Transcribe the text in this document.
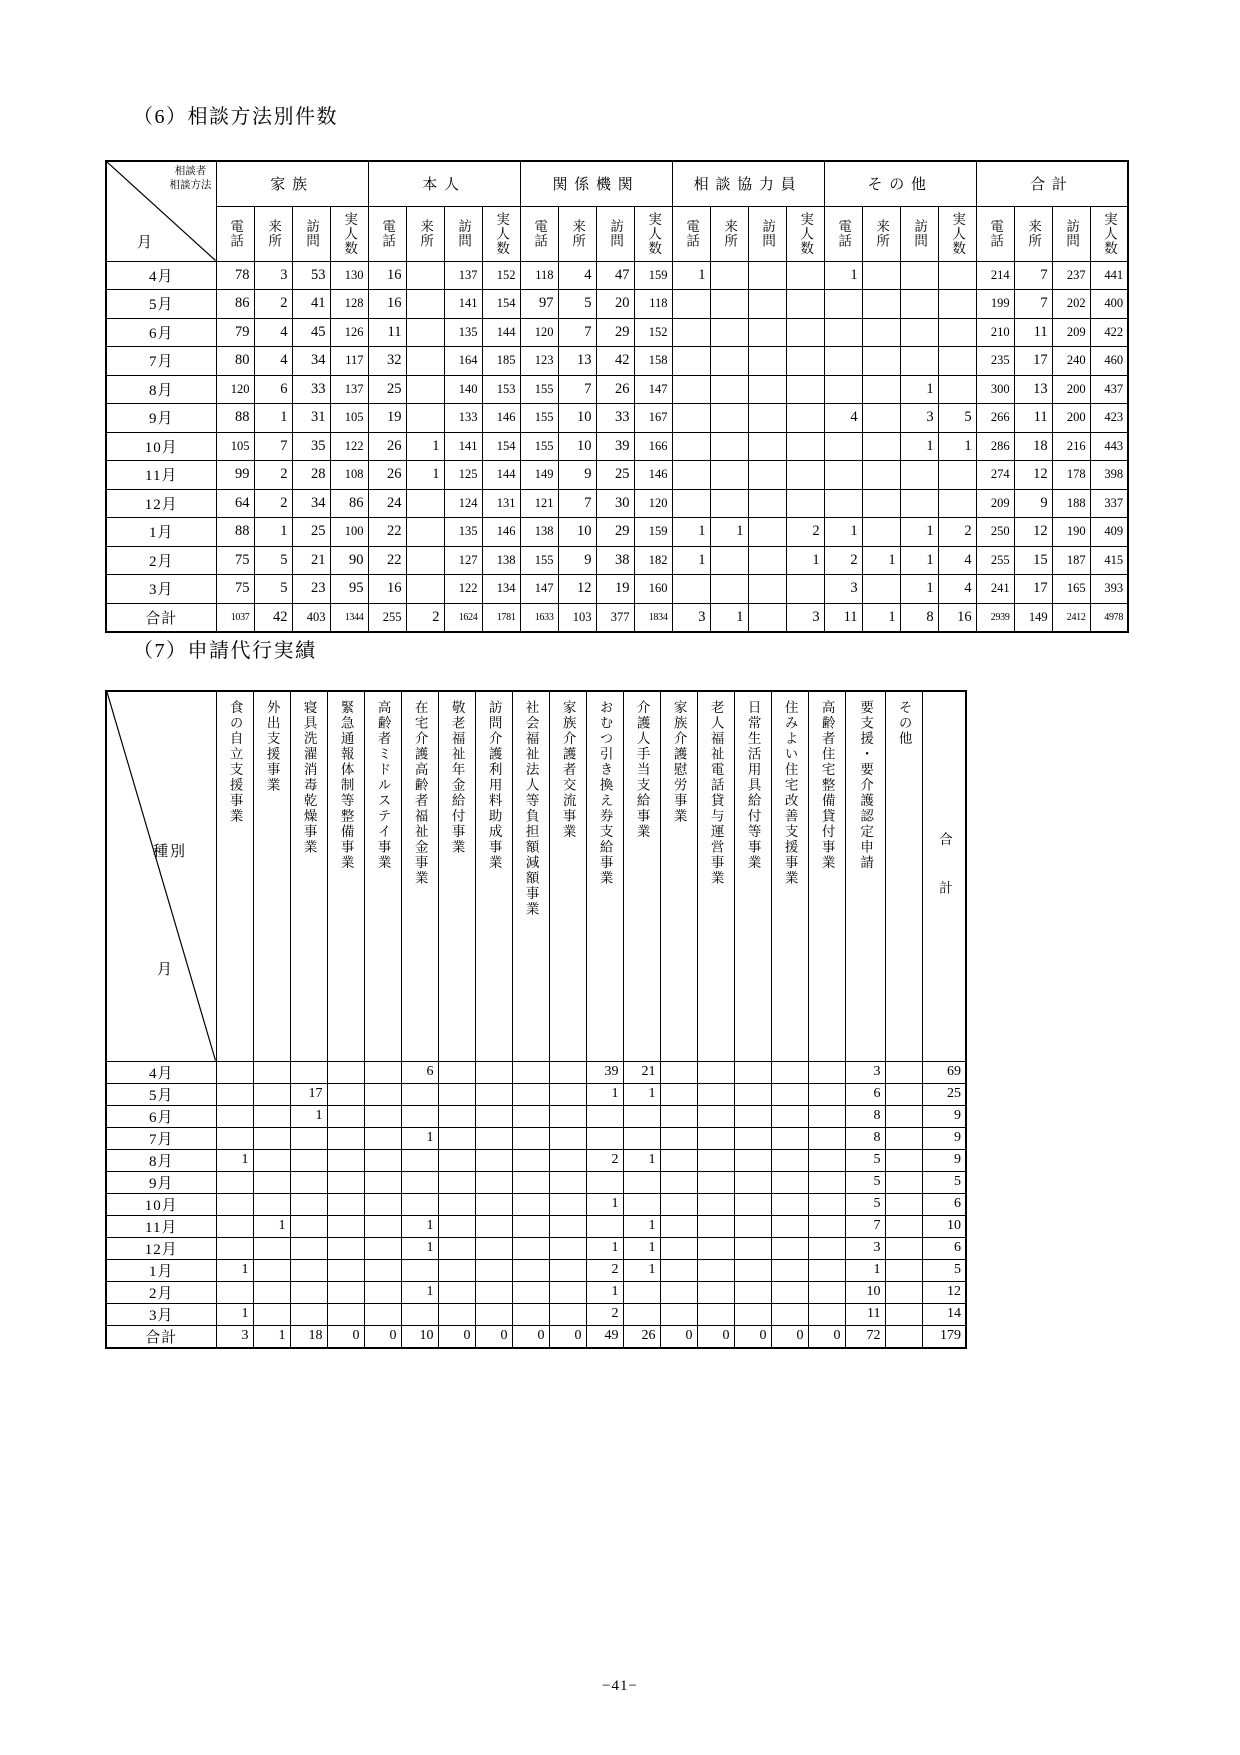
（6）相談方法別件数
相談者
相談方法
月	家族				本人				関係機関				相談協力員				その他				合計			

	電話	来所	訪問	実人数	電話	来所	訪問	実人数	電話	来所	訪問	実人数	電話	来所	訪問	実人数	電話	来所	訪問	実人数	電話	来所	訪問	実人数

4月	78	3	53	130	16		137	152	118	4	47	159	1				1				214	7	237	441
5月	86	2	41	128	16		141	154	97	5	20	118									199	7	202	400
6月	79	4	45	126	11		135	144	120	7	29	152									210	11	209	422
7月	80	4	34	117	32		164	185	123	13	42	158									235	17	240	460
8月	120	6	33	137	25		140	153	155	7	26	147							1		300	13	200	437
9月	88	1	31	105	19		133	146	155	10	33	167					4		3	5	266	11	200	423
10月	105	7	35	122	26	1	141	154	155	10	39	166							1	1	286	18	216	443
11月	99	2	28	108	26	1	125	144	149	9	25	146									274	12	178	398
12月	64	2	34	86	24		124	131	121	7	30	120									209	9	188	337
1月	88	1	25	100	22		135	146	138	10	29	159	1	1		2	1		1	2	250	12	190	409
2月	75	5	21	90	22		127	138	155	9	38	182	1			1	2	1	1	4	255	15	187	415
3月	75	5	23	95	16		122	134	147	12	19	160					3		1	4	241	17	165	393
合計	1037	42	403	1344	255	2	1624	1781	1633	103	377	1834	3	1		3	11	1	8	16	2939	149	2412	4978
（7）申請代行実績
種別
月	食の自立支援事業	外出支援事業	寝具洗濯消毒乾燥事業	緊急通報体制等整備事業	高齢者ミドルステイ事業	在宅介護高齢者福祉金事業	敬老福祉年金給付事業	訪問介護利用料助成事業	社会福祉法人等負担額減額事業	家族介護者交流事業	おむつ引き換え券支給事業	介護人手当支給事業	家族介護慰労事業	老人福祉電話貸与運営事業	日常生活用具給付等事業	住みよい住宅改善支援事業	高齢者住宅整備貸付事業	要支援・要介護認定申請	その他	合計

4月						6					39	21						3		69
5月			17								1	1						6		25
6月			1															8		9
7月						1												8		9
8月	1										2	1						5		9
9月																		5		5
10月											1							5		6
11月		1				1						1						7		10
12月						1					1	1						3		6
1月	1										2	1						1		5
2月						1					1							10		12
3月	1										2							11		14
合計	3	1	18	0	0	10	0	0	0	0	49	26	0	0	0	0	0	72		179
−41−
